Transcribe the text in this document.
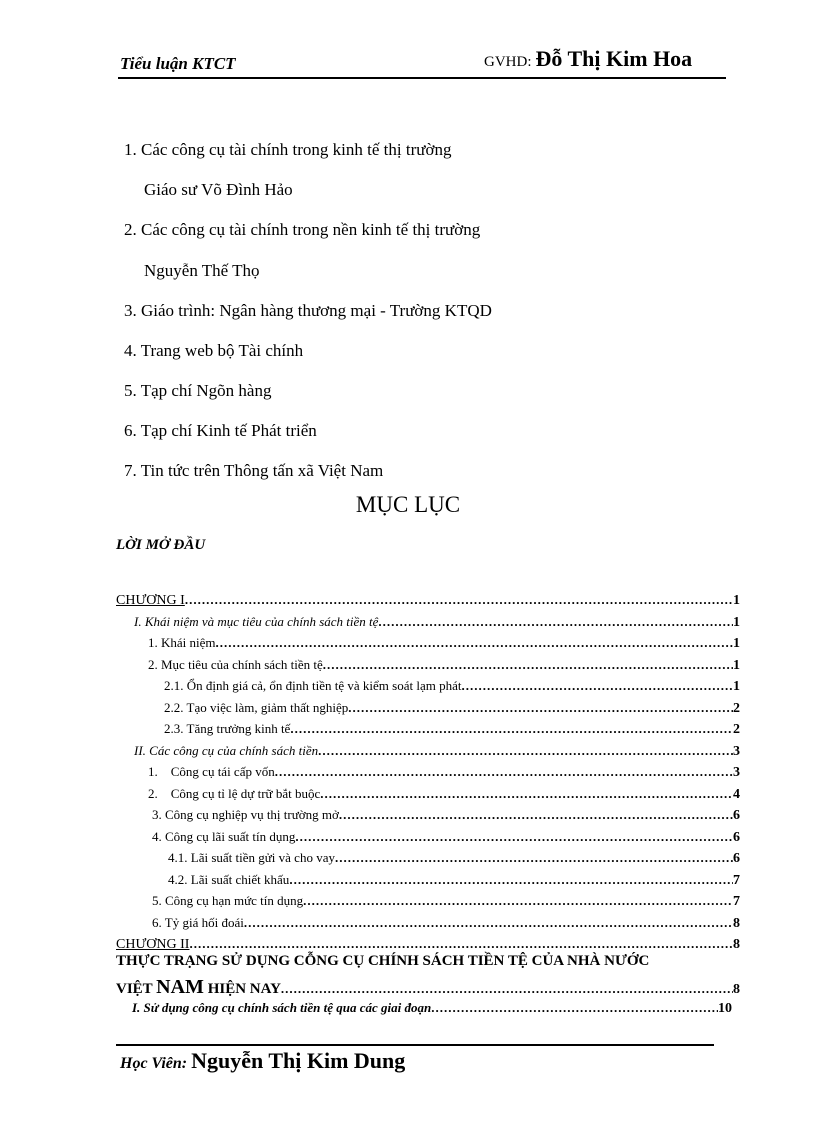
Tiểu luận KTCT	GVHD: Đỗ Thị Kim Hoa
1. Các công cụ tài chính trong kinh tế thị trường
Giáo sư Võ Đình Hảo
2. Các công cụ tài chính trong nền kinh tế thị trường
Nguyễn Thế Thọ
3. Giáo trình: Ngân hàng thương mại - Trường KTQD
4. Trang web bộ Tài chính
5. Tạp chí Ngõn hàng
6. Tạp chí Kinh tế Phát triển
7. Tin tức trên Thông tấn xã Việt Nam
MỤC LỤC
LỜI MỞ ĐẦU
CHƯƠNG I .....	1
I. Khái niệm và mục tiêu của chính sách tiền tệ .....	1
1. Khái niệm .....	1
2. Mục tiêu của chính sách tiền tệ .....	1
2.1. Ổn định giá cả, ổn định tiền tệ và kiểm soát lạm phát .....	1
2.2. Tạo việc làm, giảm thất nghiệp .....	2
2.3. Tăng trưởng kinh tế .....	2
II. Các công cụ của chính sách tiền .....	3
1.    Công cụ tái cấp vốn .....	3
2.    Công cụ tỉ lệ dự trữ bắt buộc .....	4
3. Công cụ nghiệp vụ thị trường mở .....	6
4. Công cụ lãi suất tín dụng .....	6
4.1. Lãi suất tiền gửi và cho vay .....	6
4.2. Lãi suất chiết khấu .....	7
5. Công cụ hạn mức tín dụng .....	7
6. Tỷ giá hối đoái .....	8
CHƯƠNG II .....	8
THỰC TRẠNG SỬ DỤNG CỖNG CỤ CHÍNH SÁCH TIỀN TỆ CỦA NHÀ NƯỚC
VIỆT NAM HIỆN NAY .....	8
I. Sử dụng công cụ chính sách tiền tệ qua các giai đoạn .....	10
Học Viên: Nguyễn Thị Kim Dung
